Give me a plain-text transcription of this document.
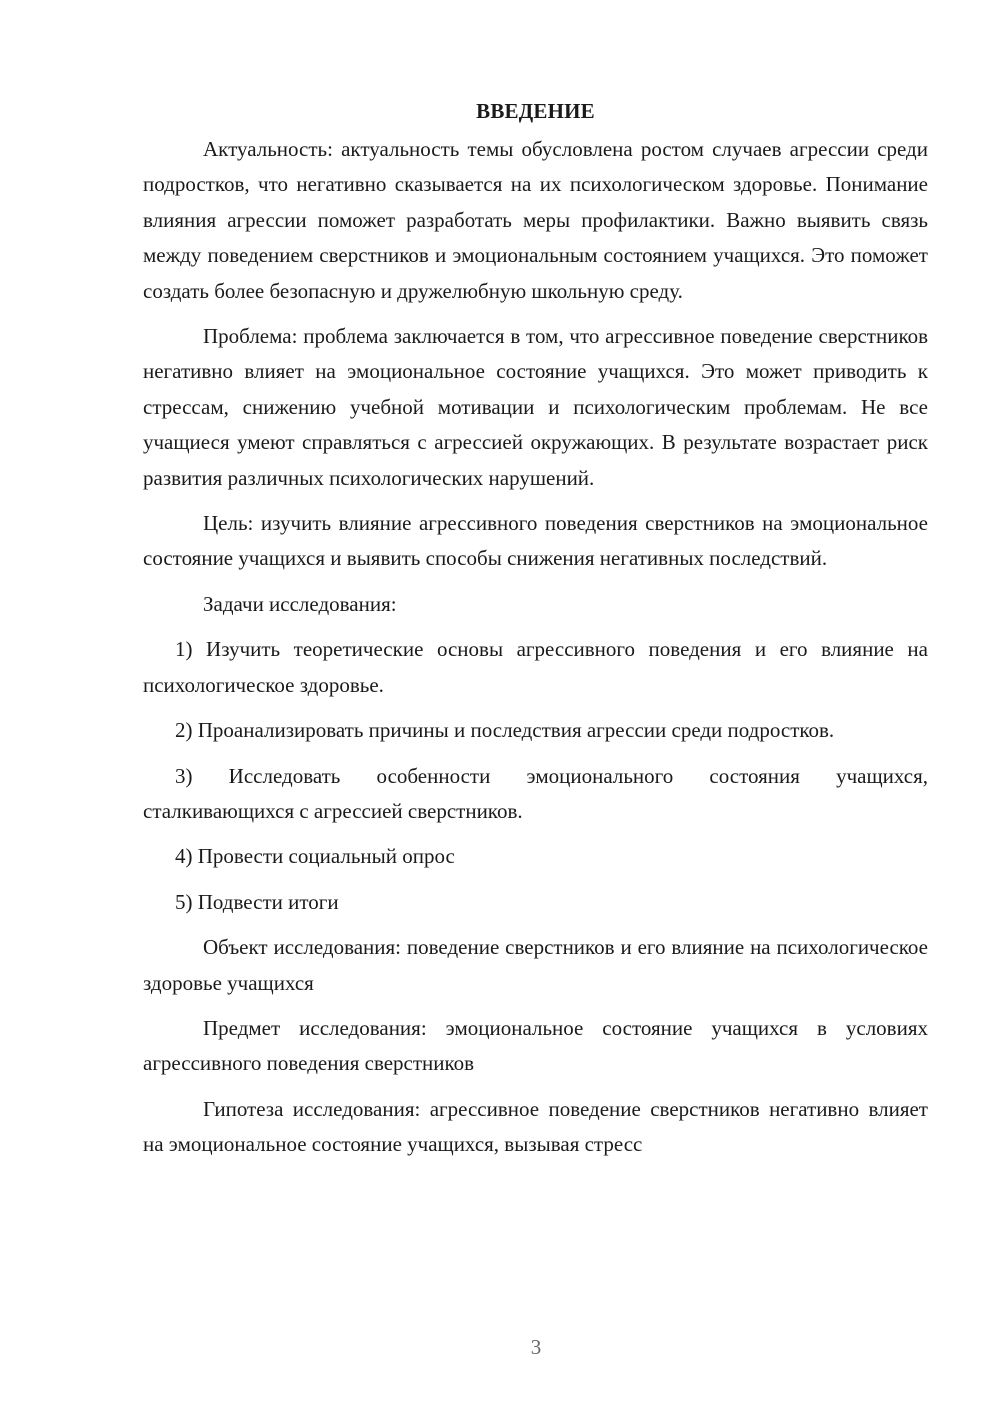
ВВЕДЕНИЕ

Актуальность: актуальность темы обусловлена ростом случаев агрессии среди подростков, что негативно сказывается на их психологическом здоровье. Понимание влияния агрессии поможет разработать меры профилактики. Важно выявить связь между поведением сверстников и эмоциональным состоянием учащихся. Это поможет создать более безопасную и дружелюбную школьную среду.

Проблема: проблема заключается в том, что агрессивное поведение сверстников негативно влияет на эмоциональное состояние учащихся. Это может приводить к стрессам, снижению учебной мотивации и психологическим проблемам. Не все учащиеся умеют справляться с агрессией окружающих. В результате возрастает риск развития различных психологических нарушений.

Цель: изучить влияние агрессивного поведения сверстников на эмоциональное состояние учащихся и выявить способы снижения негативных последствий.

Задачи исследования:

1) Изучить теоретические основы агрессивного поведения и его влияние на психологическое здоровье.

2) Проанализировать причины и последствия агрессии среди подростков.

3) Исследовать особенности эмоционального состояния учащихся, сталкивающихся с агрессией сверстников.

4) Провести социальный опрос

5) Подвести итоги

Объект исследования: поведение сверстников и его влияние на психологическое здоровье учащихся

Предмет исследования: эмоциональное состояние учащихся в условиях агрессивного поведения сверстников

Гипотеза исследования: агрессивное поведение сверстников негативно влияет на эмоциональное состояние учащихся, вызывая стресс

3
